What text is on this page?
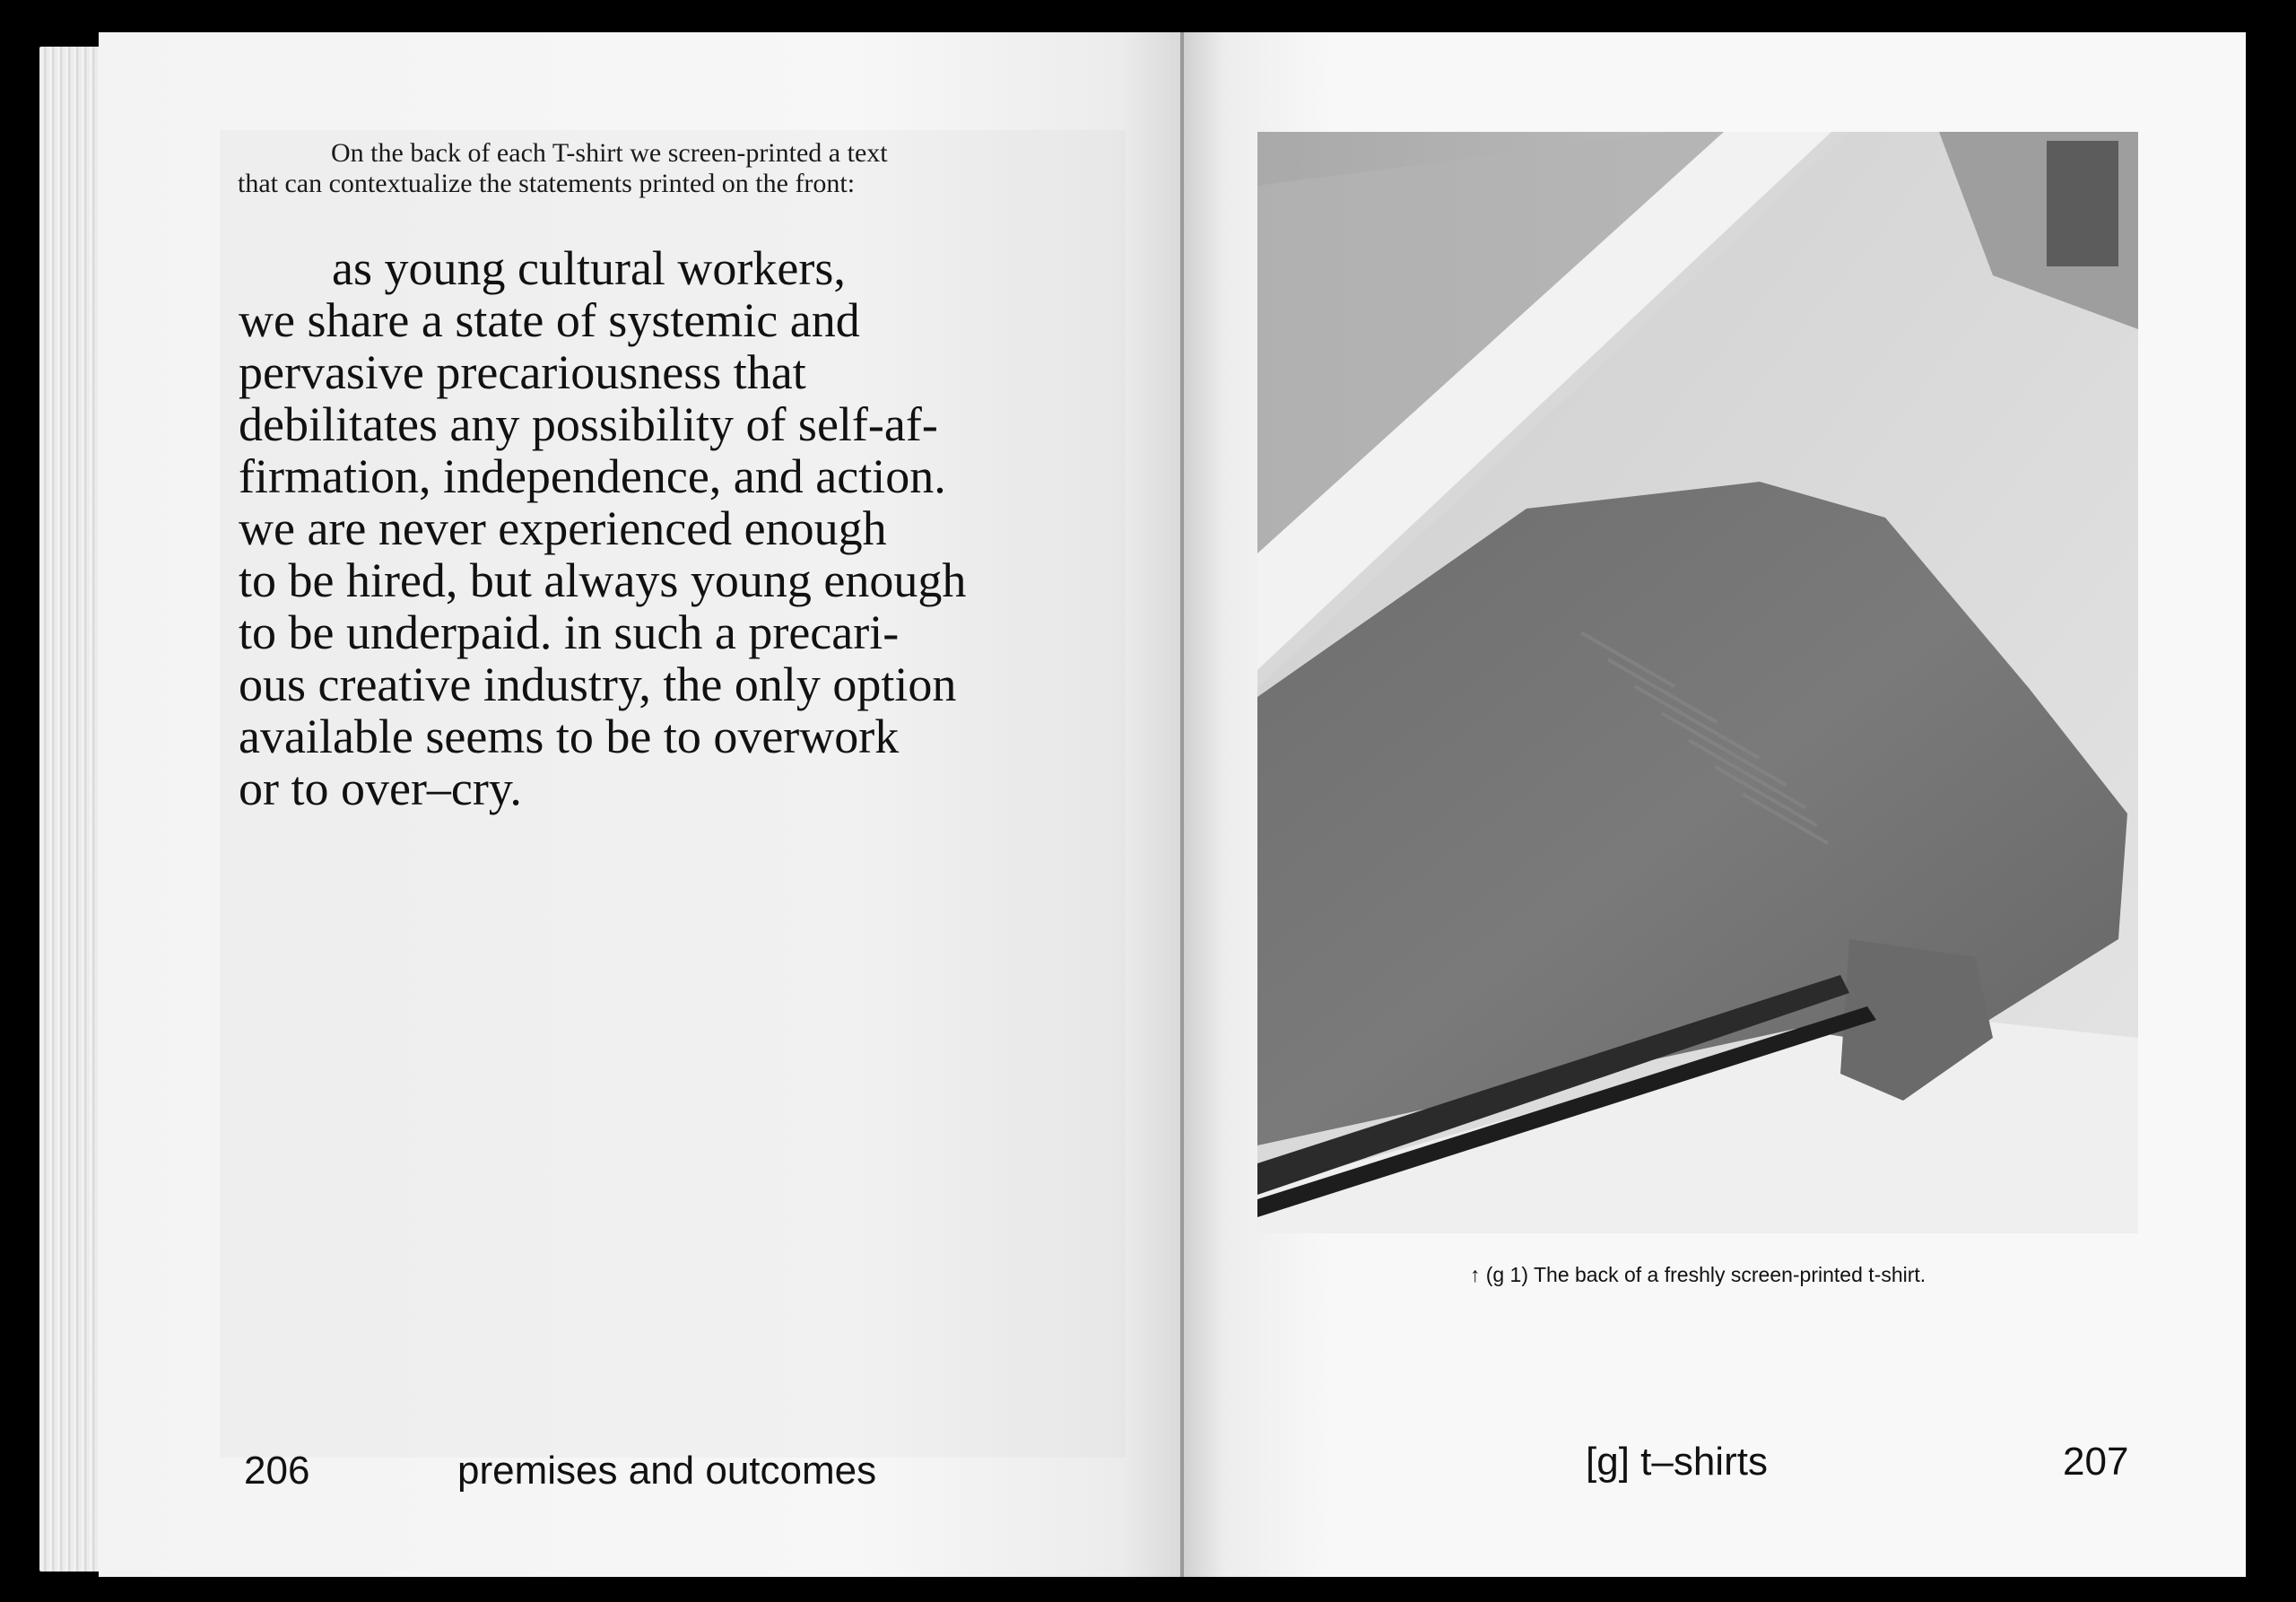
On the back of each T-shirt we screen-printed a text
that can contextualize the statements printed on the front:
as young cultural workers,
we share a state of systemic and
pervasive precariousness that
debilitates any possibility of self-af-
firmation, independence, and action.
we are never experienced enough
to be hired, but always young enough
to be underpaid. in such a precari-
ous creative industry, the only option
available seems to be to overwork
or to over–cry.
206	premises and outcomes
↑ (g 1) The back of a freshly screen-printed t-shirt.
[g] t–shirts	207
